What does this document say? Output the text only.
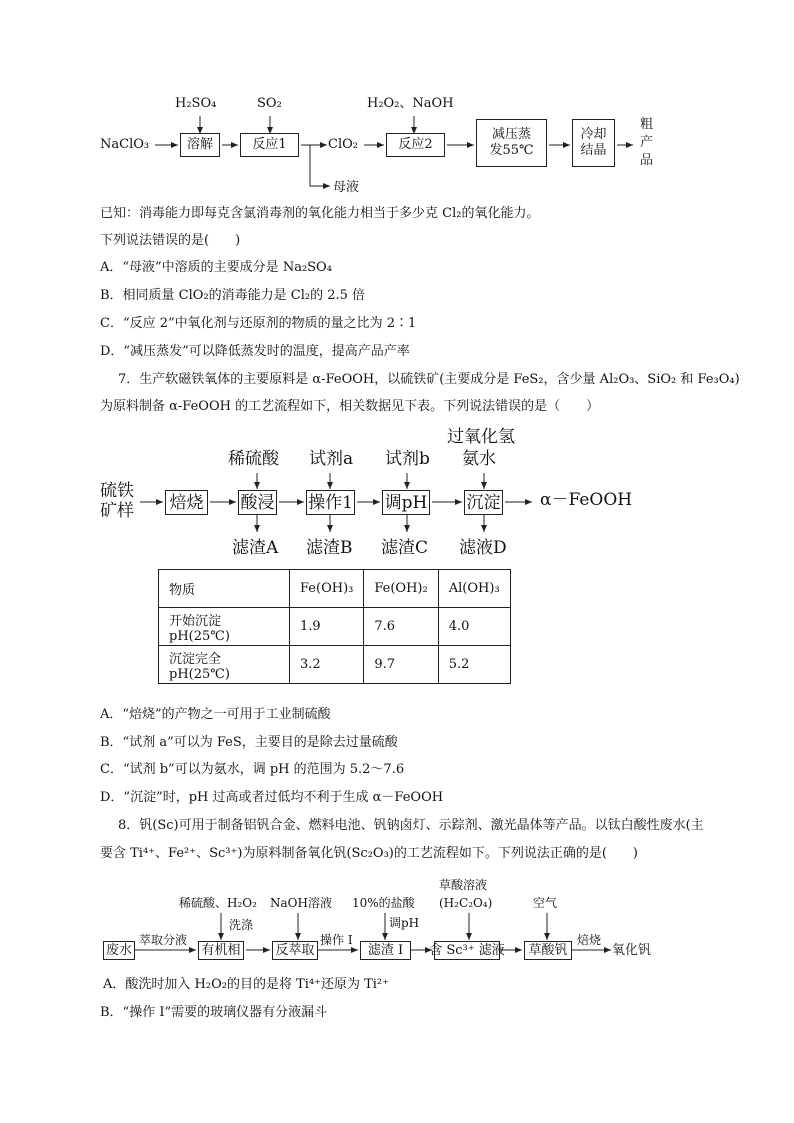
H₂SO₄	SO₂	H₂O₂、NaOH
NaClO₃	溶解	反应1	ClO₂	反应2
减压蒸
发55℃
冷却
结晶
粗
产
品
母液
已知：消毒能力即每克含氯消毒剂的氧化能力相当于多少克 Cl₂的氧化能力。
下列说法错误的是(　　)
A．“母液”中溶质的主要成分是 Na₂SO₄
B．相同质量 ClO₂的消毒能力是 Cl₂的 2.5 倍
C．“反应 2”中氧化剂与还原剂的物质的量之比为 2∶1
D．“减压蒸发”可以降低蒸发时的温度，提高产品产率
7．生产软磁铁氧体的主要原料是 α-FeOOH，以硫铁矿(主要成分是 FeS₂，含少量 Al₂O₃、SiO₂ 和 Fe₃O₄)
为原料制备 α-FeOOH 的工艺流程如下，相关数据见下表。下列说法错误的是（　　）
过氧化氢
氨水
稀硫酸 试剂a 试剂b
硫铁
矿样 焙烧 酸浸 操作1 调pH 沉淀 α－FeOOH
滤渣A 滤渣B 滤渣C 滤液D
物质	Fe(OH)₃	Fe(OH)₂	Al(OH)₃
开始沉淀 pH(25℃)	1.9	7.6	4.0
沉淀完全 pH(25℃)	3.2	9.7	5.2
A．“焙烧”的产物之一可用于工业制硫酸
B．“试剂 a”可以为 FeS，主要目的是除去过量硫酸
C．“试剂 b”可以为氨水，调 pH 的范围为 5.2～7.6
D．“沉淀”时，pH 过高或者过低均不利于生成 α－FeOOH
8．钒(Sc)可用于制备铝钒合金、燃料电池、钒钠卤灯、示踪剂、激光晶体等产品。以钛白酸性废水(主
要含 Ti⁴⁺、Fe²⁺、Sc³⁺)为原料制备氧化钒(Sc₂O₃)的工艺流程如下。下列说法正确的是(　　)
草酸溶液
(H₂C₂O₄)
稀硫酸、H₂O₂ NaOH溶液 10%的盐酸	空气
洗涤	调pH
萃取分液	操作 Ⅰ	焙烧
废水	有机相	反萃取	滤渣 Ⅰ	含 Sc³⁺ 滤液	草酸钒	氧化钒
A．酸洗时加入 H₂O₂的目的是将 Ti⁴⁺还原为 Ti²⁺
B．“操作 Ⅰ”需要的玻璃仪器有分液漏斗
